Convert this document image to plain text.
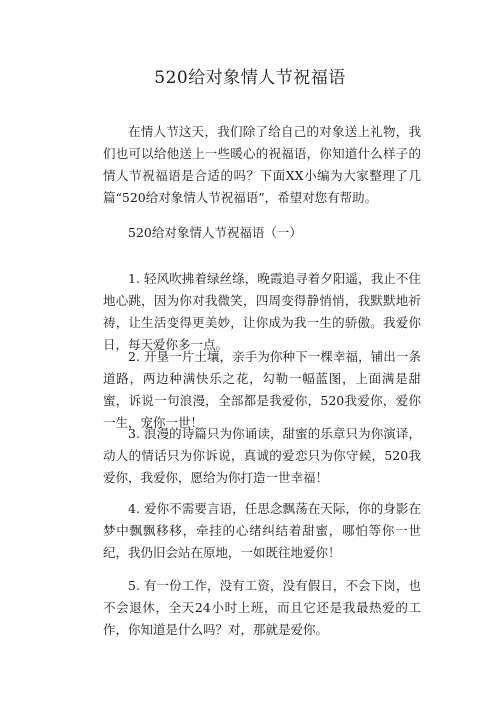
520给对象情人节祝福语
在情人节这天，我们除了给自己的对象送上礼物，我们也可以给他送上一些暖心的祝福语，你知道什么样子的情人节祝福语是合适的吗？下面XX小编为大家整理了几篇“520给对象情人节祝福语”，希望对您有帮助。
520给对象情人节祝福语（一）
1. 轻风吹拂着绿丝绦，晚霞追寻着夕阳遥，我止不住地心跳，因为你对我微笑，四周变得静悄悄，我默默地祈祷，让生活变得更美妙，让你成为我一生的骄傲。我爱你日，每天爱你多一点。
2. 开垦一片土壤，亲手为你种下一棵幸福，铺出一条道路，两边种满快乐之花，勾勒一幅蓝图，上面满是甜蜜，诉说一句浪漫，全部都是我爱你，520我爱你，爱你一生，宠你一世！
3. 浪漫的诗篇只为你诵读，甜蜜的乐章只为你演译，动人的情话只为你诉说，真诚的爱恋只为你守候，520我爱你，我爱你，愿给为你打造一世幸福！
4. 爱你不需要言语，任思念飘荡在天际，你的身影在梦中飘飘移移，牵挂的心绪纠结着甜蜜，哪怕等你一世纪，我仍旧会站在原地，一如既往地爱你！
5. 有一份工作，没有工资，没有假日，不会下岗，也不会退休，全天24小时上班，而且它还是我最热爱的工作，你知道是什么吗？对，那就是爱你。
